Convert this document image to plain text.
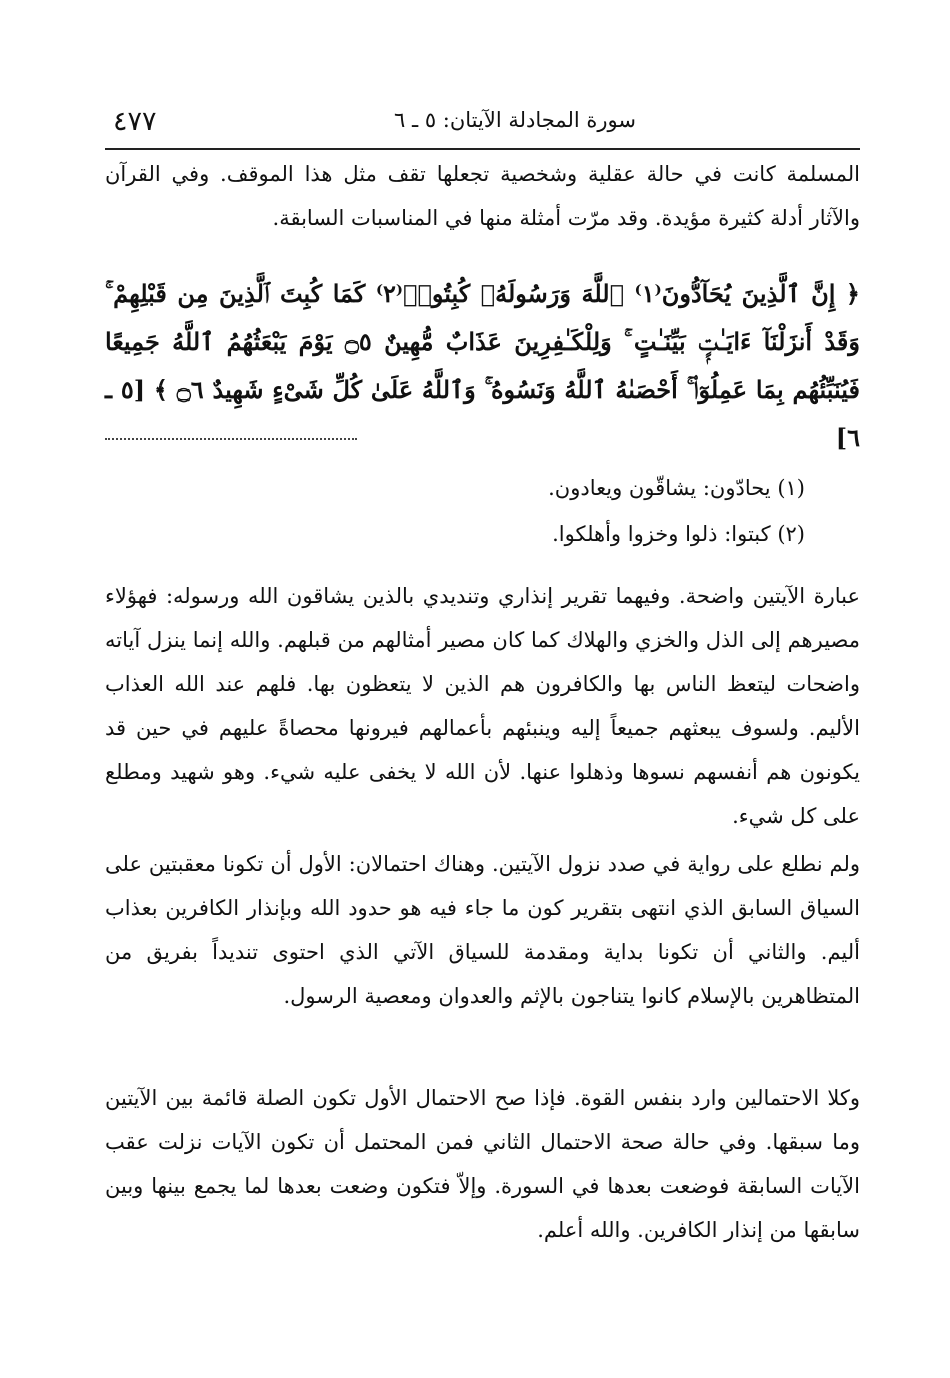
٤٧٧	سورة المجادلة الآيتان: ٥ ـ ٦

المسلمة كانت في حالة عقلية وشخصية تجعلها تقف مثل هذا الموقف. وفي القرآن والآثار أدلة كثيرة مؤيدة. وقد مرّت أمثلة منها في المناسبات السابقة.

﴿ إِنَّ ٱلَّذِينَ يُحَآدُّونَ⁽١⁾ ٱللَّهَ وَرَسُولَهُۥ كُبِتُوا۟⁽٢⁾ كَمَا كُبِتَ ٱلَّذِينَ مِن قَبْلِهِمْ ۚ وَقَدْ أَنزَلْنَآ ءَايَـٰتٍۭ بَيِّنَـٰتٍ ۚ وَلِلْكَـٰفِرِينَ عَذَابٌ مُّهِينٌ ۝٥ يَوْمَ يَبْعَثُهُمُ ٱللَّهُ جَمِيعًا فَيُنَبِّئُهُم بِمَا عَمِلُوٓا۟ ۚ أَحْصَىٰهُ ٱللَّهُ وَنَسُوهُ ۚ وَٱللَّهُ عَلَىٰ كُلِّ شَىْءٍ شَهِيدٌ ۝٦ ﴾ [٥ ـ ٦]

(١) يحادّون: يشاقّون ويعادون.

(٢) كبتوا: ذلوا وخزوا وأهلكوا.

عبارة الآيتين واضحة. وفيهما تقرير إنذاري وتنديدي بالذين يشاقون الله ورسوله: فهؤلاء مصيرهم إلى الذل والخزي والهلاك كما كان مصير أمثالهم من قبلهم. والله إنما ينزل آياته واضحات ليتعظ الناس بها والكافرون هم الذين لا يتعظون بها. فلهم عند الله العذاب الأليم. ولسوف يبعثهم جميعاً إليه وينبئهم بأعمالهم فيرونها محصاةً عليهم في حين قد يكونون هم أنفسهم نسوها وذهلوا عنها. لأن الله لا يخفى عليه شيء. وهو شهيد ومطلع على كل شيء.

ولم نطلع على رواية في صدد نزول الآيتين. وهناك احتمالان: الأول أن تكونا معقبتين على السياق السابق الذي انتهى بتقرير كون ما جاء فيه هو حدود الله وبإنذار الكافرين بعذاب أليم. والثاني أن تكونا بداية ومقدمة للسياق الآتي الذي احتوى تنديداً بفريق من المتظاهرين بالإسلام كانوا يتناجون بالإثم والعدوان ومعصية الرسول.

وكلا الاحتمالين وارد بنفس القوة. فإذا صح الاحتمال الأول تكون الصلة قائمة بين الآيتين وما سبقها. وفي حالة صحة الاحتمال الثاني فمن المحتمل أن تكون الآيات نزلت عقب الآيات السابقة فوضعت بعدها في السورة. وإلاّ فتكون وضعت بعدها لما يجمع بينها وبين سابقها من إنذار الكافرين. والله أعلم.
